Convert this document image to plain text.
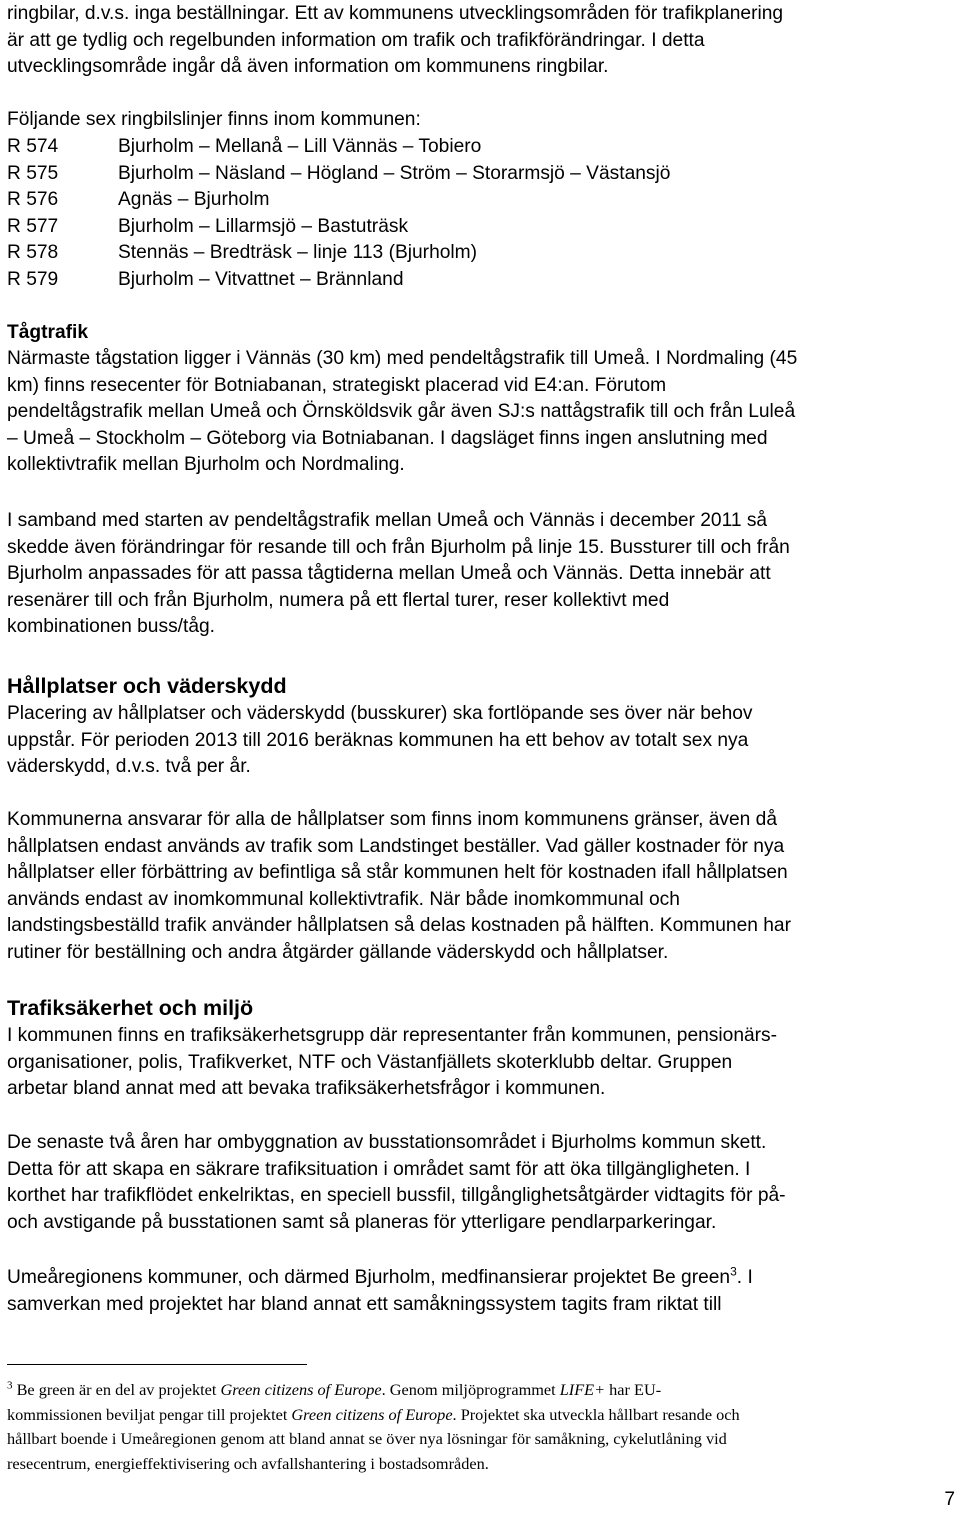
ringbilar, d.v.s. inga beställningar. Ett av kommunens utvecklingsområden för trafikplanering
är att ge tydlig och regelbunden information om trafik och trafikförändringar. I detta
utvecklingsområde ingår då även information om kommunens ringbilar.
Följande sex ringbilslinjer finns inom kommunen:
R 574	Bjurholm – Mellanå – Lill Vännäs – Tobiero
R 575	Bjurholm – Näsland – Högland – Ström – Storarmsjö – Västansjö
R 576	Agnäs – Bjurholm
R 577	Bjurholm – Lillarmsjö – Bastuträsk
R 578	Stennäs – Bredträsk – linje 113 (Bjurholm)
R 579	Bjurholm – Vitvattnet – Brännland
Tågtrafik
Närmaste tågstation ligger i Vännäs (30 km) med pendeltågstrafik till Umeå. I Nordmaling (45
km) finns resecenter för Botniabanan, strategiskt placerad vid E4:an. Förutom
pendeltågstrafik mellan Umeå och Örnsköldsvik går även SJ:s nattågstrafik till och från Luleå
– Umeå – Stockholm – Göteborg via Botniabanan. I dagsläget finns ingen anslutning med
kollektivtrafik mellan Bjurholm och Nordmaling.
I samband med starten av pendeltågstrafik mellan Umeå och Vännäs i december 2011 så
skedde även förändringar för resande till och från Bjurholm på linje 15. Bussturer till och från
Bjurholm anpassades för att passa tågtiderna mellan Umeå och Vännäs. Detta innebär att
resenärer till och från Bjurholm, numera på ett flertal turer, reser kollektivt med
kombinationen buss/tåg.
Hållplatser och väderskydd
Placering av hållplatser och väderskydd (busskurer) ska fortlöpande ses över när behov
uppstår. För perioden 2013 till 2016 beräknas kommunen ha ett behov av totalt sex nya
väderskydd, d.v.s. två per år.
Kommunerna ansvarar för alla de hållplatser som finns inom kommunens gränser, även då
hållplatsen endast används av trafik som Landstinget beställer. Vad gäller kostnader för nya
hållplatser eller förbättring av befintliga så står kommunen helt för kostnaden ifall hållplatsen
används endast av inomkommunal kollektivtrafik. När både inomkommunal och
landstingsbeställd trafik använder hållplatsen så delas kostnaden på hälften. Kommunen har
rutiner för beställning och andra åtgärder gällande väderskydd och hållplatser.
Trafiksäkerhet och miljö
I kommunen finns en trafiksäkerhetsgrupp där representanter från kommunen, pensionärs-
organisationer, polis, Trafikverket, NTF och Västanfjällets skoterklubb deltar. Gruppen
arbetar bland annat med att bevaka trafiksäkerhetsfrågor i kommunen.
De senaste två åren har ombyggnation av busstationsområdet i Bjurholms kommun skett.
Detta för att skapa en säkrare trafiksituation i området samt för att öka tillgängligheten. I
korthet har trafikflödet enkelriktas, en speciell bussfil, tillgånglighetsåtgärder vidtagits för på-
och avstigande på busstationen samt så planeras för ytterligare pendlarparkeringar.
Umeåregionens kommuner, och därmed Bjurholm, medfinansierar projektet Be green$^3$. I
samverkan med projektet har bland annat ett samåkningssystem tagits fram riktat till
$^3$ Be green är en del av projektet Green citizens of Europe. Genom miljöprogrammet LIFE+ har EU-
kommissionen beviljat pengar till projektet Green citizens of Europe. Projektet ska utveckla hållbart resande och
hållbart boende i Umeåregionen genom att bland annat se över nya lösningar för samåkning, cykelutlåning vid
resecentrum, energieffektivisering och avfallshantering i bostadsområden.
7
